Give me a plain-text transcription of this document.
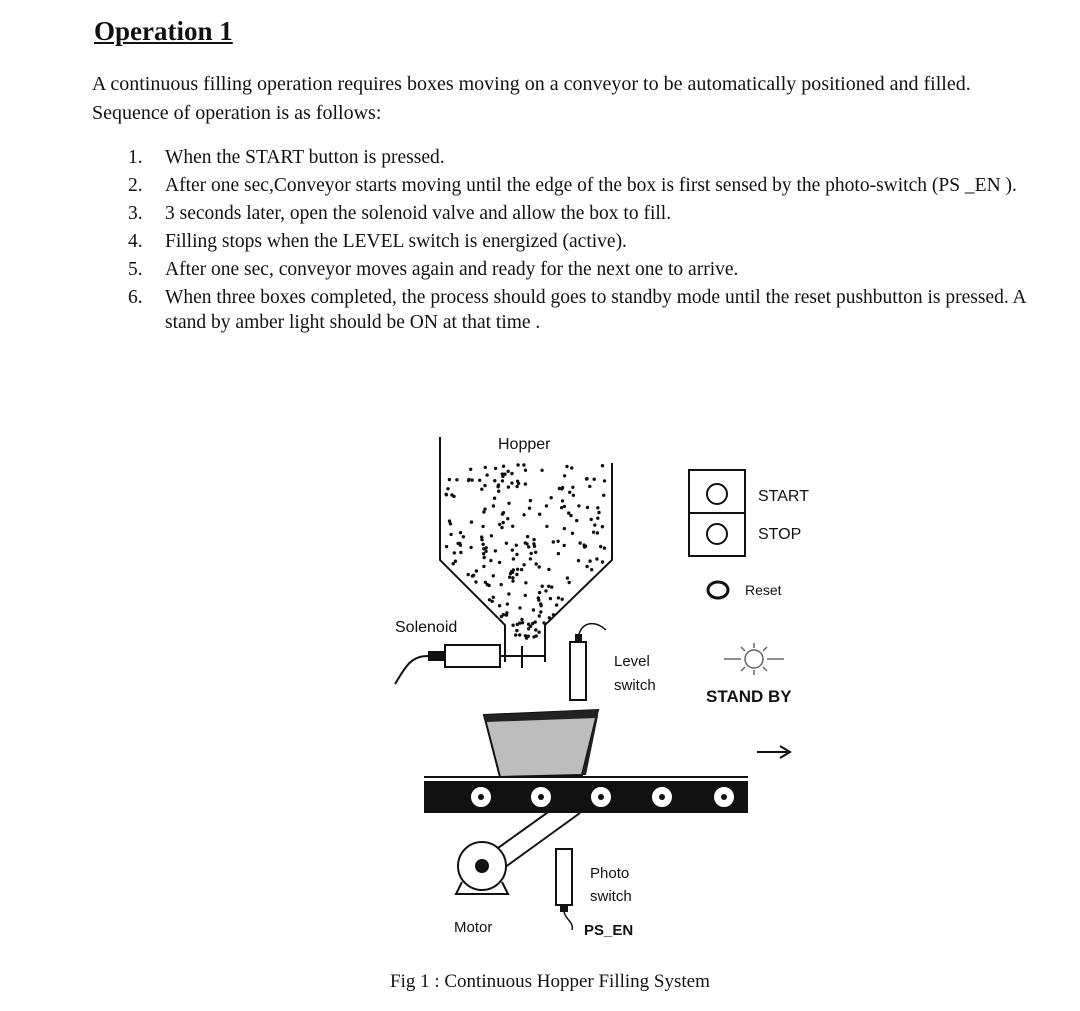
Operation 1
A continuous filling operation requires boxes moving on a conveyor to be automatically positioned and filled. Sequence of operation is as follows:
1. When the START button is pressed.
2. After one sec,Conveyor starts moving until the edge of the box is first sensed by the photo-switch (PS _EN ).
3. 3 seconds later, open the solenoid valve and allow the box to fill.
4. Filling stops when the LEVEL switch is energized (active).
5. After one sec, conveyor moves again and ready for the next one to arrive.
6. When three boxes completed, the process should goes to standby mode until the reset pushbutton is pressed. A stand by amber light should be ON at that time .
Hopper
Solenoid
Level
switch
Motor
Photo
switch
PS_EN
START
STOP
Reset
STAND BY
Fig 1 : Continuous Hopper Filling System
